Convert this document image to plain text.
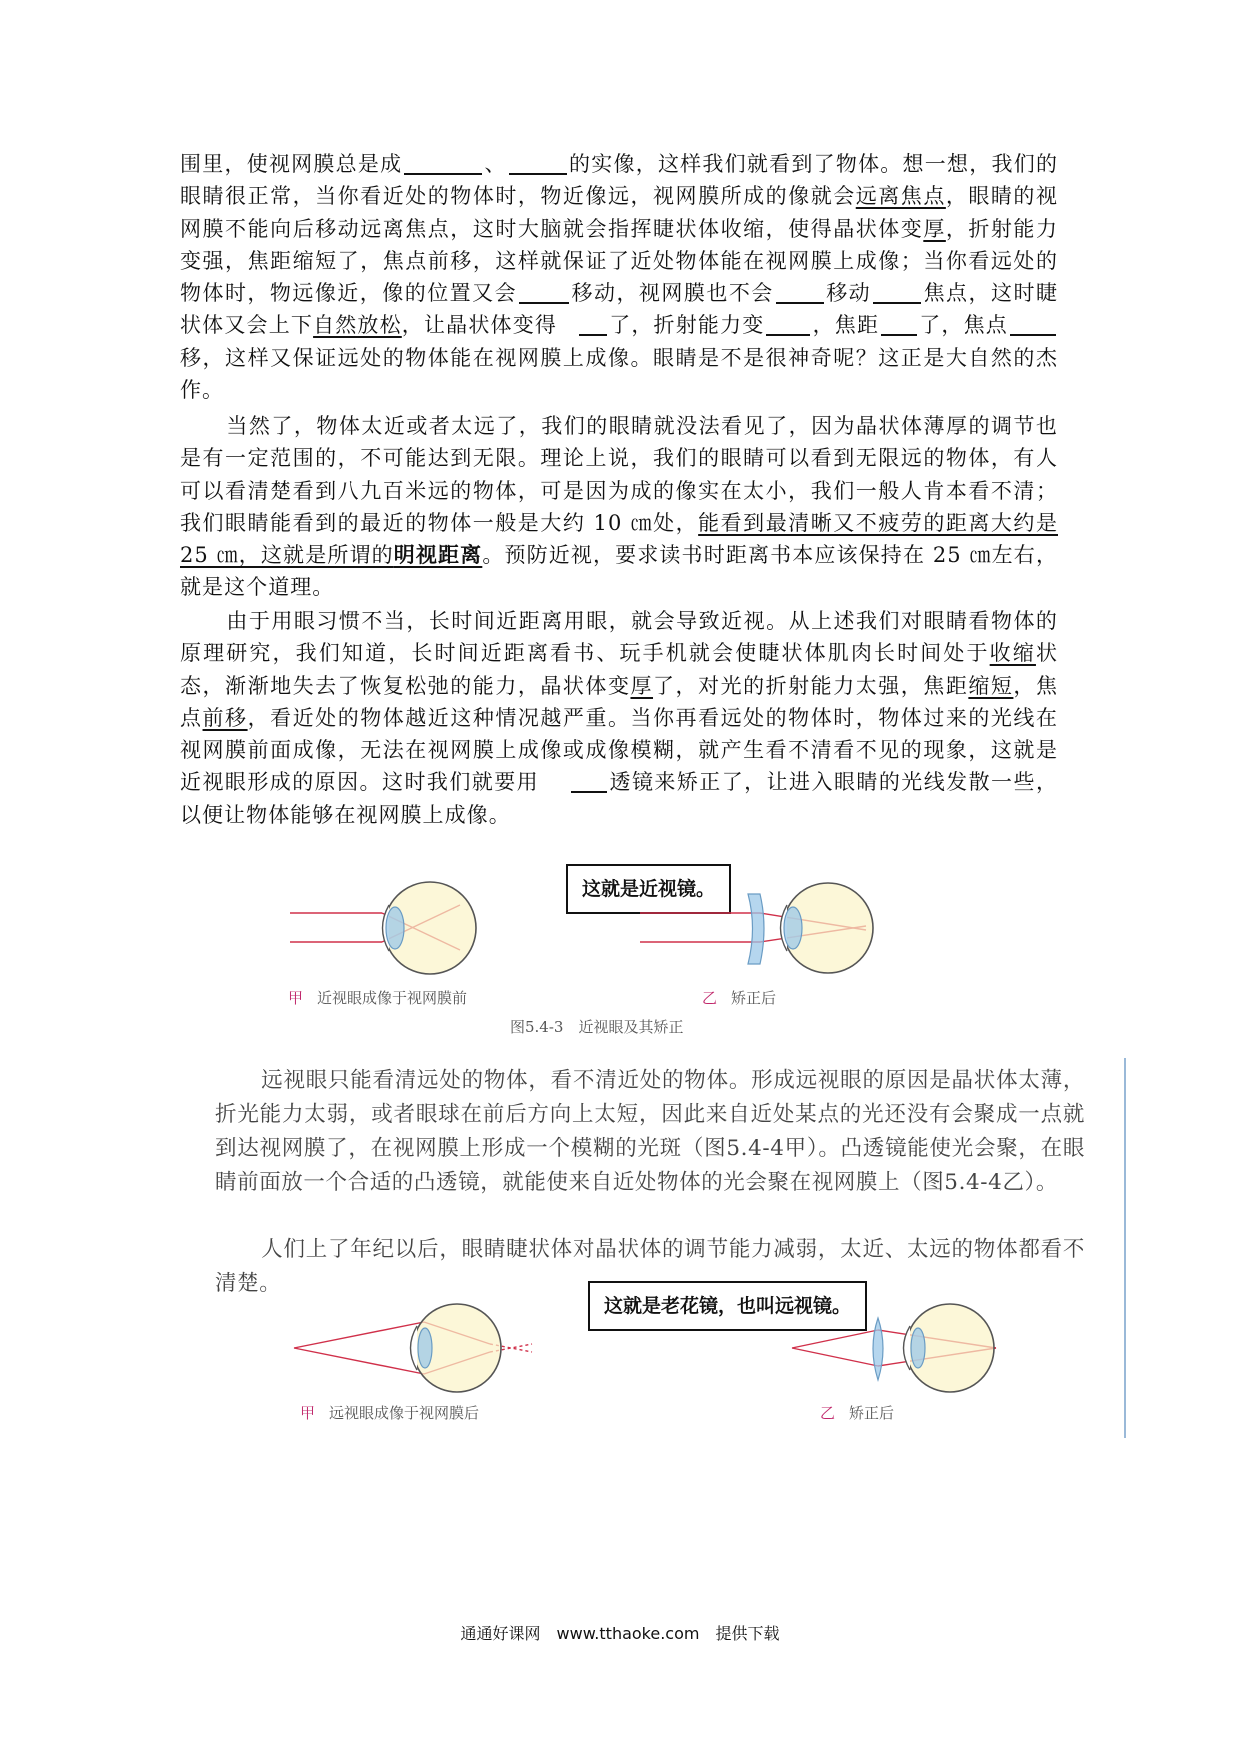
围里，使视网膜总是成	、	的实像，这样我们就看到了物体。想一想，我们的眼睛很正常，当你看近处的物体时，物近像远，视网膜所成的像就会远离焦点，眼睛的视网膜不能向后移动远离焦点，这时大脑就会指挥睫状体收缩，使得晶状体变厚，折射能力变强，焦距缩短了，焦点前移，这样就保证了近处物体能在视网膜上成像；当你看远处的物体时，物远像近，像的位置又会	移动，视网膜也不会 移动 焦点，这时睫状体又会上下自然放松，让晶状体变得 了，折射能力变 ，焦距 了，焦点移，这样又保证远处的物体能在视网膜上成像。眼睛是不是很神奇呢？这正是大自然的杰作。

当然了，物体太近或者太远了，我们的眼睛就没法看见了，因为晶状体薄厚的调节也是有一定范围的，不可能达到无限。理论上说，我们的眼睛可以看到无限远的物体，有人可以看清楚看到八九百米远的物体，可是因为成的像实在太小，我们一般人肯本看不清；我们眼睛能看到的最近的物体一般是大约 10 ㎝处，能看到最清晰又不疲劳的距离大约是 25 ㎝，这就是所谓的明视距离。预防近视，要求读书时距离书本应该保持在 25 ㎝左右，就是这个道理。

由于用眼习惯不当，长时间近距离用眼，就会导致近视。从上述我们对眼睛看物体的原理研究，我们知道，长时间近距离看书、玩手机就会使睫状体肌肉长时间处于收缩状态，渐渐地失去了恢复松弛的能力，晶状体变厚了，对光的折射能力太强，焦距缩短，焦点前移，看近处的物体越近这种情况越严重。当你再看远处的物体时，物体过来的光线在视网膜前面成像，无法在视网膜上成像或成像模糊，就产生看不清看不见的现象，这就是近视眼形成的原因。这时我们就要用	透镜来矫正了，让进入眼睛的光线发散一些，以便让物体能够在视网膜上成像。

甲 近视眼成像于视网膜前
这就是近视镜。
乙 矫正后
图5.4-3　近视眼及其矫正

远视眼只能看清远处的物体，看不清近处的物体。形成远视眼的原因是晶状体太薄，折光能力太弱，或者眼球在前后方向上太短，因此来自近处某点的光还没有会聚成一点就到达视网膜了，在视网膜上形成一个模糊的光斑（图5.4-4甲）。凸透镜能使光会聚，在眼睛前面放一个合适的凸透镜，就能使来自近处物体的光会聚在视网膜上（图5.4-4乙）。

人们上了年纪以后，眼睛睫状体对晶状体的调节能力减弱，太近、太远的物体都看不清楚。

这就是老花镜，也叫远视镜。
甲 远视眼成像于视网膜后	乙 矫正后
通通好课网　www.tthaoke.com　提供下载
